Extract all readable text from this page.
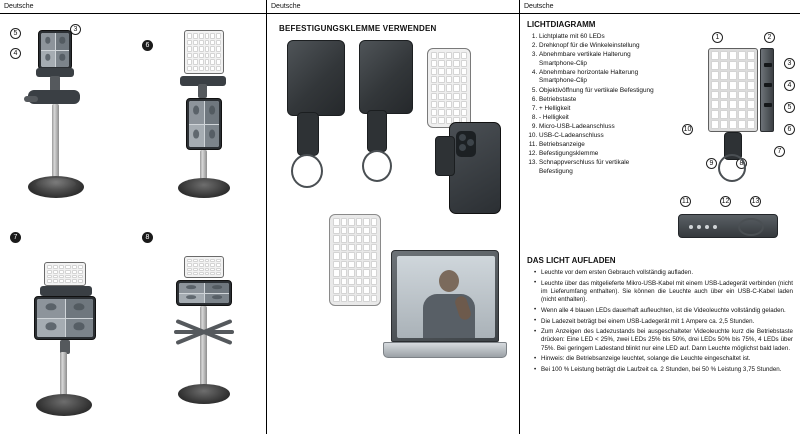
Deutsche
5
4
3
6
7	8
Deutsche
BEFESTIGUNGSKLEMME VERWENDEN
Deutsche
LICHTDIAGRAMM
1. Lichtplatte mit 60 LEDs
2. Drehknopf für die Winkeleinstellung
3. Abnehmbare vertikale Halterung Smartphone-Clip
4. Abnehmbare horizontale Halterung Smartphone-Clip
5. Objektivöffnung für vertikale Befestigung
6. Betriebstaste
7. + Helligkeit
8. - Helligkeit
9. Micro-USB-Ladeanschluss
10. USB-C-Ladeanschluss
11. Betriebsanzeige
12. Befestigungsklemme
13. Schnappverschluss für vertikale Befestigung
1	2
3
4
5
6
7
8
9
10
11	12	13
DAS LICHT AUFLADEN
• Leuchte vor dem ersten Gebrauch vollständig aufladen.
• Leuchte über das mitgelieferte Mikro-USB-Kabel mit einem USB-Ladegerät verbinden (nicht im Lieferumfang enthalten). Sie können die Leuchte auch über ein USB-C-Kabel laden (nicht enthalten).
• Wenn alle 4 blauen LEDs dauerhaft aufleuchten, ist die Videoleuchte vollständig geladen.
• Die Ladezeit beträgt bei einem USB-Ladegerät mit 1 Ampere ca. 2,5 Stunden.
• Zum Anzeigen des Ladezustands bei ausgeschalteter Videoleuchte kurz die Betriebstaste drücken: Eine LED < 25%, zwei LEDs 25% bis 50%, drei LEDs 50% bis 75%, 4 LEDs über 75%. Bei geringem Ladestand blinkt nur eine LED auf. Dann Leuchte möglichst bald laden.
• Hinweis: die Betriebsanzeige leuchtet, solange die Leuchte eingeschaltet ist.
• Bei 100 % Leistung beträgt die Laufzeit ca. 2 Stunden, bei 50 % Leistung 3,75 Stunden.
